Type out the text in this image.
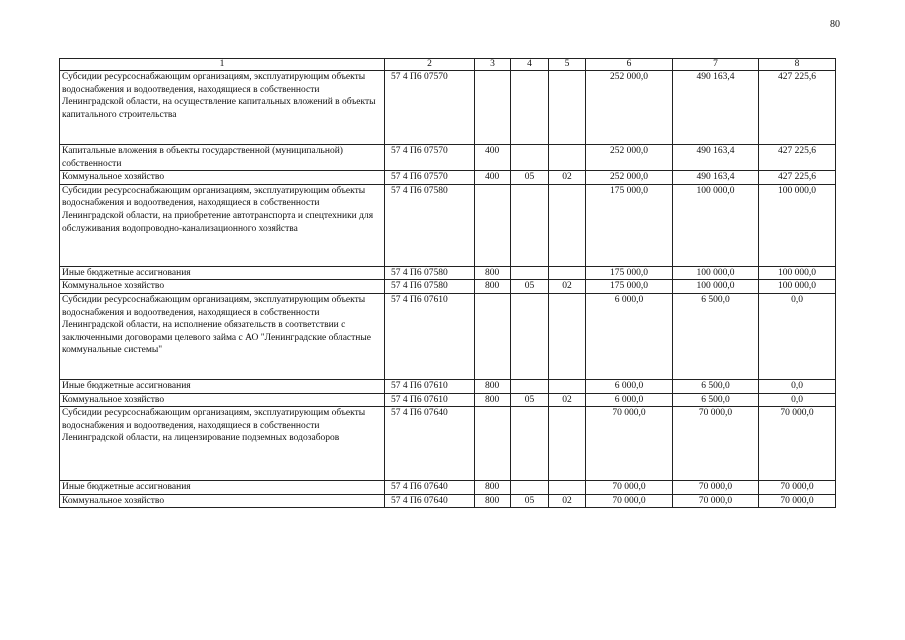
80
1	2	3	4	5	6	7	8
Субсидии ресурсоснабжающим организациям, эксплуатирующим объекты водоснабжения и водоотведения, находящиеся в собственности Ленинградской области, на осуществление капитальных вложений в объекты капитального строительства	57 4 П6 07570				252 000,0	490 163,4	427 225,6
Капитальные вложения в объекты государственной (муниципальной) собственности	57 4 П6 07570	400			252 000,0	490 163,4	427 225,6
Коммунальное хозяйство	57 4 П6 07570	400	05	02	252 000,0	490 163,4	427 225,6
Субсидии ресурсоснабжающим организациям, эксплуатирующим объекты водоснабжения и водоотведения, находящиеся в собственности Ленинградской области, на приобретение автотранспорта и спецтехники для обслуживания водопроводно-канализационного хозяйства	57 4 П6 07580				175 000,0	100 000,0	100 000,0
Иные бюджетные ассигнования	57 4 П6 07580	800			175 000,0	100 000,0	100 000,0
Коммунальное хозяйство	57 4 П6 07580	800	05	02	175 000,0	100 000,0	100 000,0
Субсидии ресурсоснабжающим организациям, эксплуатирующим объекты водоснабжения и водоотведения, находящиеся в собственности Ленинградской области, на исполнение обязательств в соответствии с заключенными договорами целевого займа с АО "Ленинградские областные коммунальные системы"	57 4 П6 07610				6 000,0	6 500,0	0,0
Иные бюджетные ассигнования	57 4 П6 07610	800			6 000,0	6 500,0	0,0
Коммунальное хозяйство	57 4 П6 07610	800	05	02	6 000,0	6 500,0	0,0
Субсидии ресурсоснабжающим организациям, эксплуатирующим объекты водоснабжения и водоотведения, находящиеся в собственности Ленинградской области, на лицензирование подземных водозаборов	57 4 П6 07640				70 000,0	70 000,0	70 000,0
Иные бюджетные ассигнования	57 4 П6 07640	800			70 000,0	70 000,0	70 000,0
Коммунальное хозяйство	57 4 П6 07640	800	05	02	70 000,0	70 000,0	70 000,0
